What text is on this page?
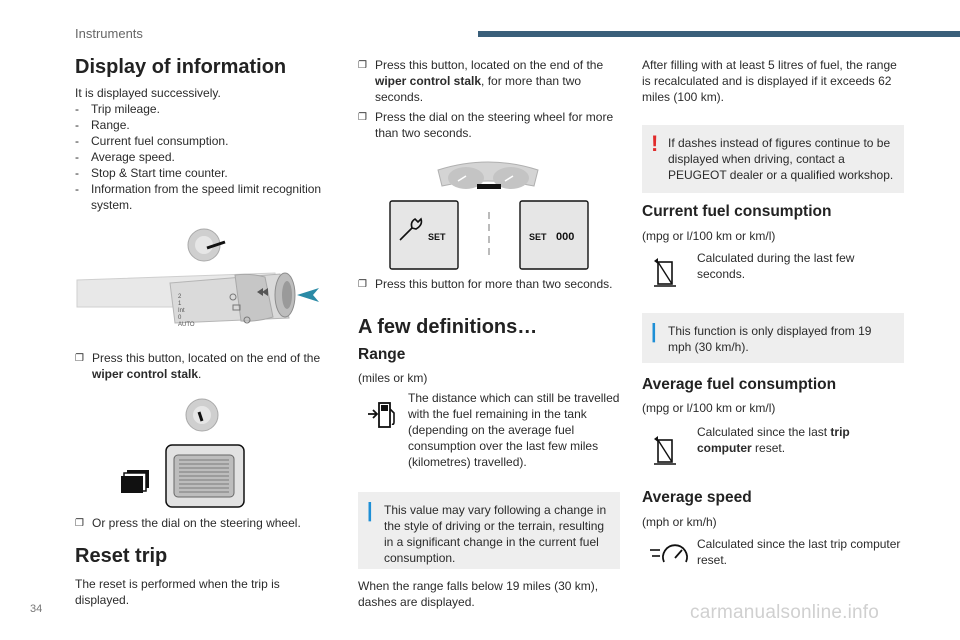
Instruments
34	carmanualsonline.info
Display of information
It is displayed successively.
- Trip mileage.
- Range.
- Current fuel consumption.
- Average speed.
- Stop & Start time counter.
- Information from the speed limit recognition system.
2
1
Int
0
AUTO
❐ Press this button, located on the end of the wiper control stalk.
❐ Or press the dial on the steering wheel.
Reset trip
The reset is performed when the trip is displayed.
❐ Press this button, located on the end of the wiper control stalk, for more than two seconds.
❐ Press the dial on the steering wheel for more than two seconds.
SET	SET 000
❐ Press this button for more than two seconds.
A few definitions…
Range
(miles or km)
The distance which can still be travelled with the fuel remaining in the tank (depending on the average fuel consumption over the last few miles (kilometres) travelled).
| This value may vary following a change in the style of driving or the terrain, resulting in a significant change in the current fuel consumption.
When the range falls below 19 miles (30 km), dashes are displayed.
After filling with at least 5 litres of fuel, the range is recalculated and is displayed if it exceeds 62 miles (100 km).
! If dashes instead of figures continue to be displayed when driving, contact a PEUGEOT dealer or a qualified workshop.
Current fuel consumption
(mpg or l/100 km or km/l)
Calculated during the last few seconds.
| This function is only displayed from 19 mph (30 km/h).
Average fuel consumption
(mpg or l/100 km or km/l)
Calculated since the last trip computer reset.
Average speed
(mph or km/h)
Calculated since the last trip computer reset.
